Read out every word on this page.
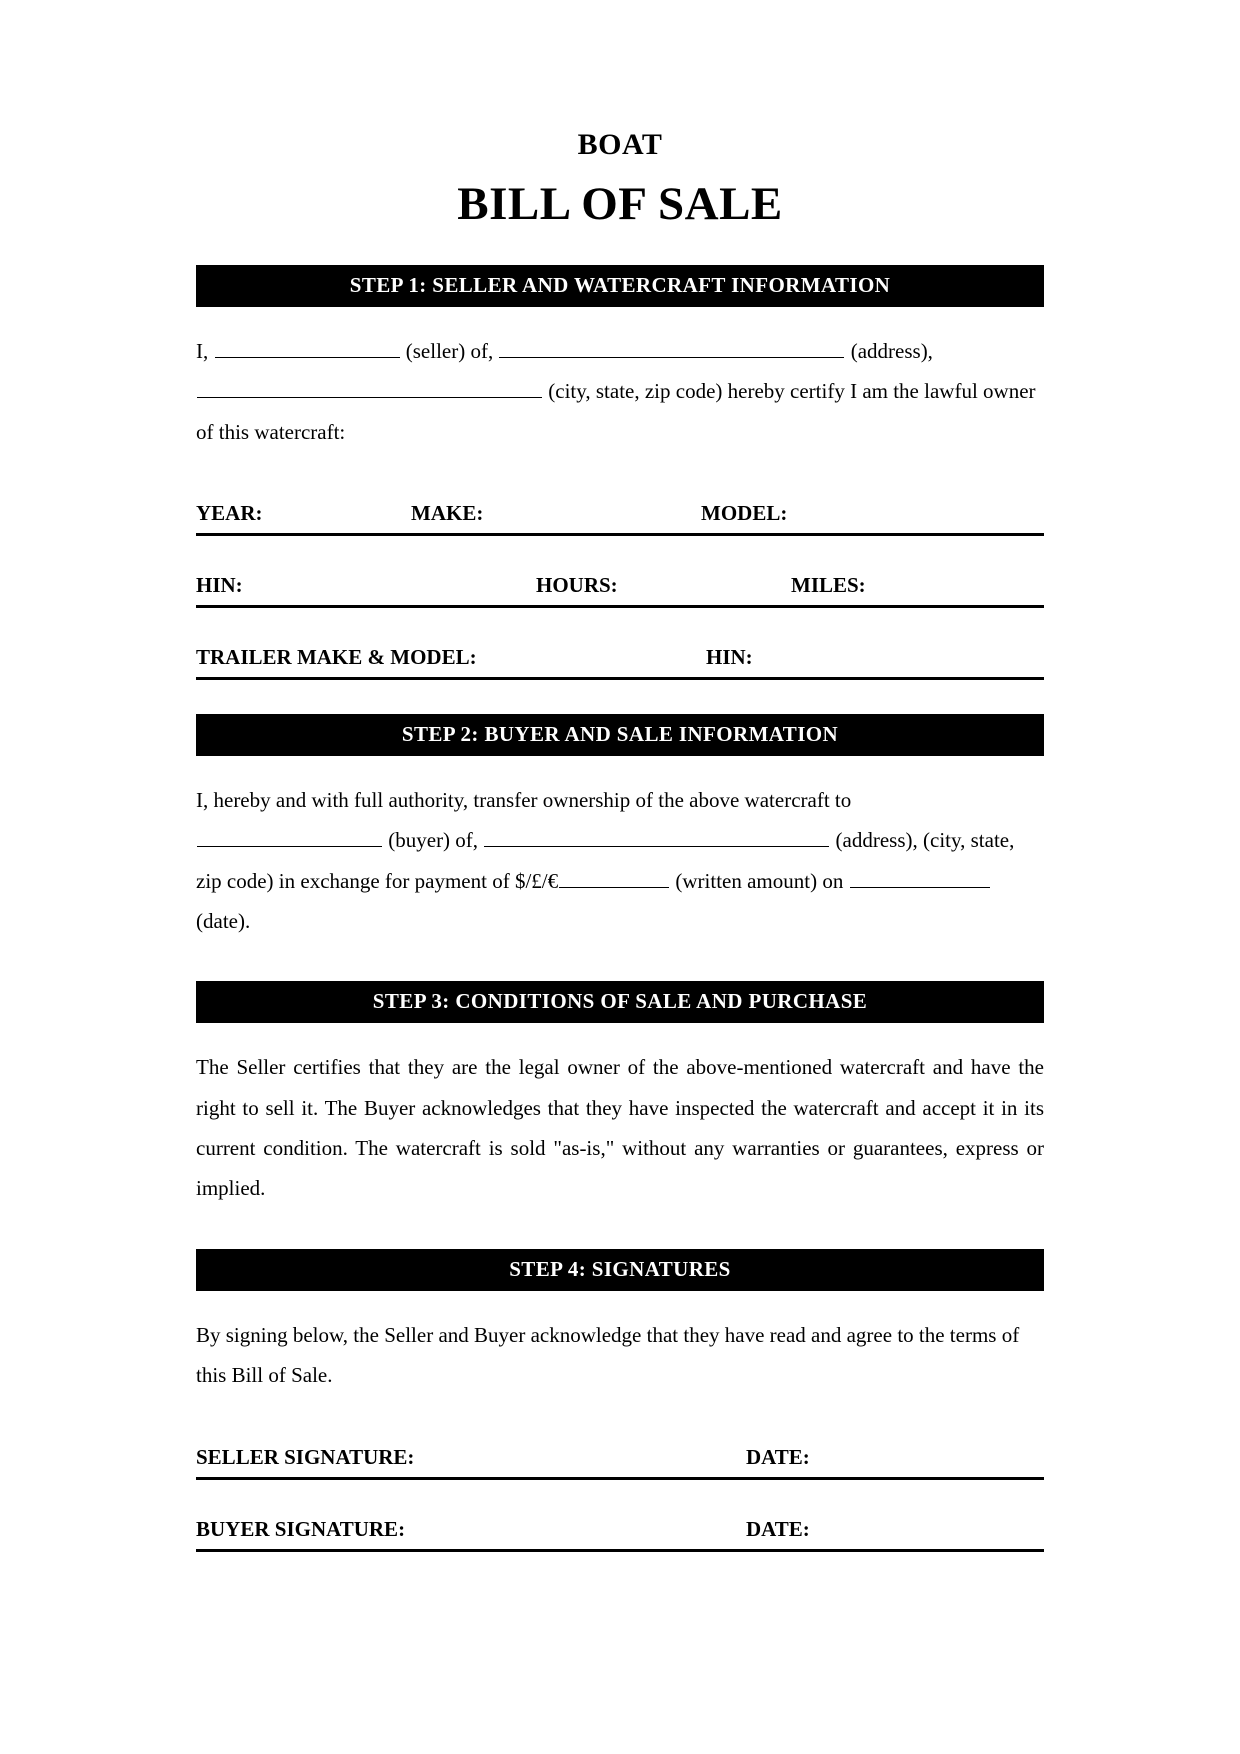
BOAT
BILL OF SALE
STEP 1: SELLER AND WATERCRAFT INFORMATION
I,	(seller) of,	(address),
(city, state, zip code) hereby certify I am the lawful owner
of this watercraft:
YEAR:	MAKE:	MODEL:
HIN:	HOURS:	MILES:
TRAILER MAKE & MODEL:	HIN:
STEP 2: BUYER AND SALE INFORMATION
I, hereby and with full authority, transfer ownership of the above watercraft to
(buyer) of,	(address), (city, state,
zip code) in exchange for payment of $/£/€	(written amount) on
(date).
STEP 3: CONDITIONS OF SALE AND PURCHASE
The Seller certifies that they are the legal owner of the above-mentioned watercraft and have the right to sell it. The Buyer acknowledges that they have inspected the watercraft and accept it in its current condition. The watercraft is sold "as-is," without any warranties or guarantees, express or implied.
STEP 4: SIGNATURES
By signing below, the Seller and Buyer acknowledge that they have read and agree to the terms of this Bill of Sale.
SELLER SIGNATURE:	DATE:
BUYER SIGNATURE:	DATE:
